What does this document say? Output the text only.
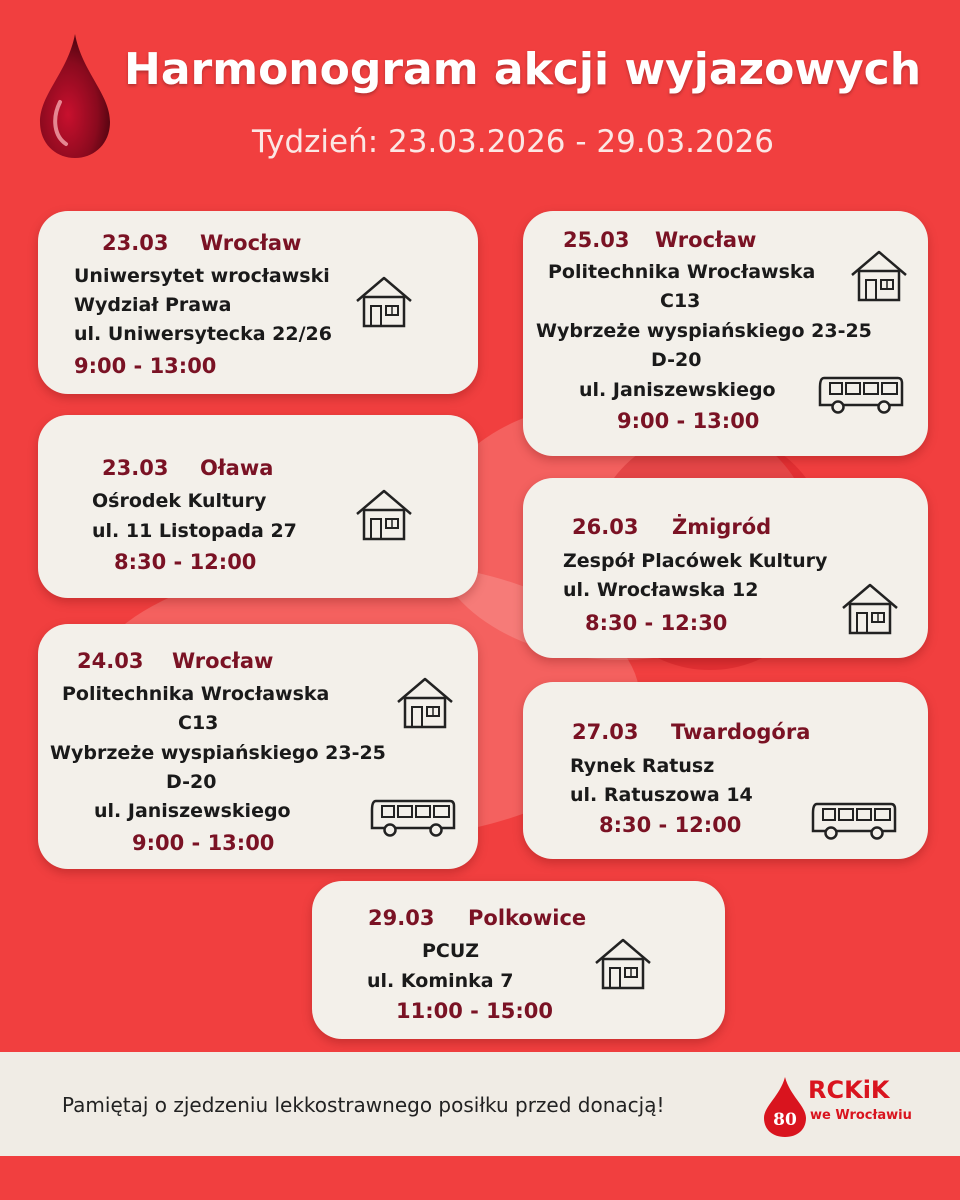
Harmonogram akcji wyjazowych
Tydzień: 23.03.2026 - 29.03.2026
23.03 Wrocław
Uniwersytet wrocławski
Wydział Prawa
ul. Uniwersytecka 22/26
9:00 - 13:00
25.03 Wrocław
Politechnika Wrocławska
C13
Wybrzeże wyspiańskiego 23-25
D-20
ul. Janiszewskiego
9:00 - 13:00
23.03 Oława
Ośrodek Kultury
ul. 11 Listopada 27
8:30 - 12:00
26.03 Żmigród
Zespół Placówek Kultury
ul. Wrocławska 12
8:30 - 12:30
24.03 Wrocław
Politechnika Wrocławska
C13
Wybrzeże wyspiańskiego 23-25
D-20
ul. Janiszewskiego
9:00 - 13:00
27.03 Twardogóra
Rynek Ratusz
ul. Ratuszowa 14
8:30 - 12:00
29.03 Polkowice
PCUZ
ul. Kominka 7
11:00 - 15:00
Pamiętaj o zjedzeniu lekkostrawnego posiłku przed donacją!
80
RCKiK
we Wrocławiu
